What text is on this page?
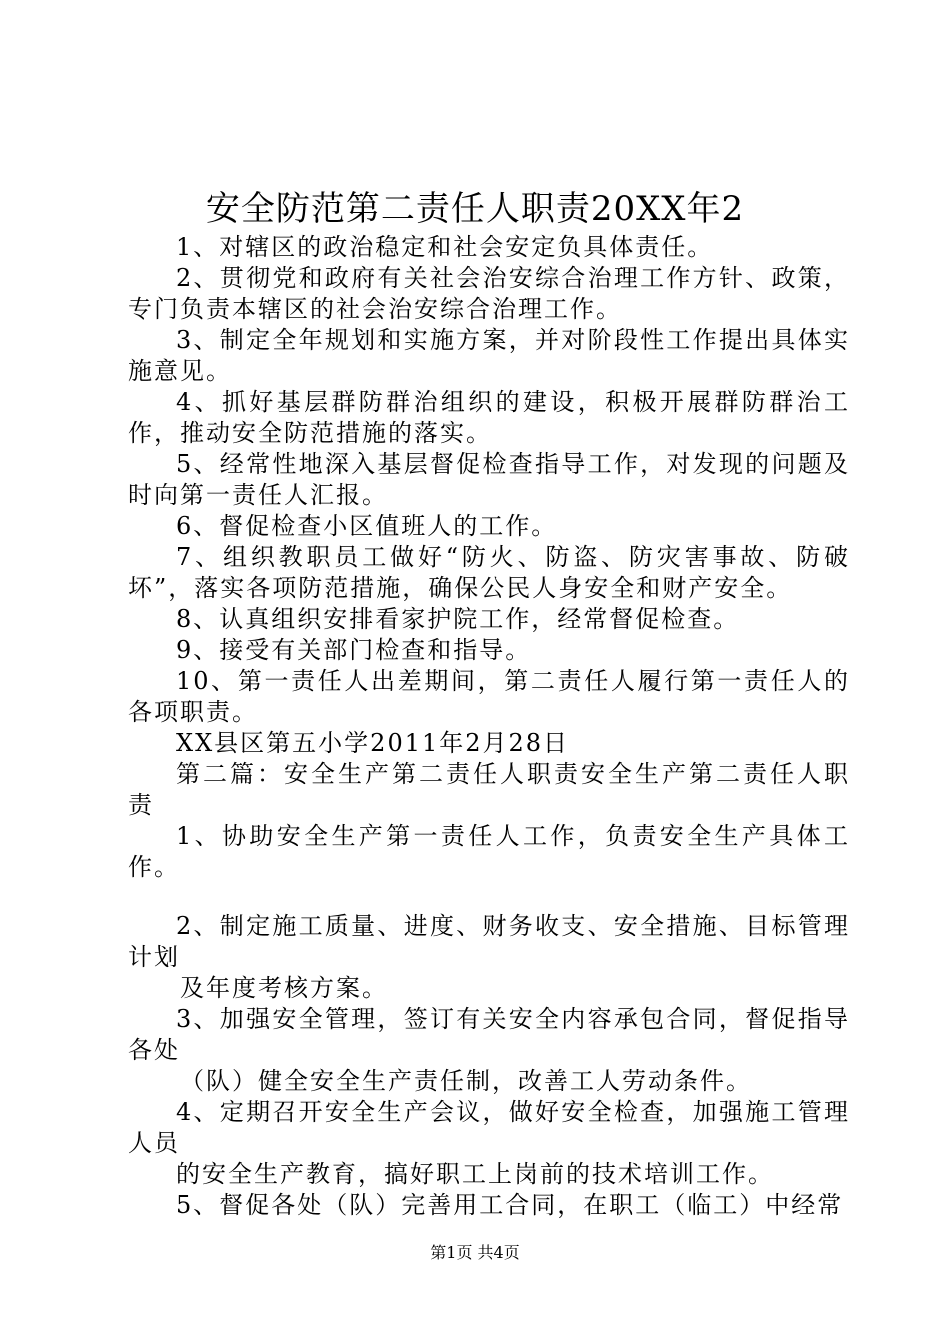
安全防范第二责任人职责20XX年2

1、对辖区的政治稳定和社会安定负具体责任。

2、贯彻党和政府有关社会治安综合治理工作方针、政策，专门负责本辖区的社会治安综合治理工作。

3、制定全年规划和实施方案，并对阶段性工作提出具体实施意见。

4、抓好基层群防群治组织的建设，积极开展群防群治工作，推动安全防范措施的落实。

5、经常性地深入基层督促检查指导工作，对发现的问题及时向第一责任人汇报。

6、督促检查小区值班人的工作。

7、组织教职员工做好“防火、防盗、防灾害事故、防破坏”，落实各项防范措施，确保公民人身安全和财产安全。

8、认真组织安排看家护院工作，经常督促检查。

9、接受有关部门检查和指导。

10、第一责任人出差期间，第二责任人履行第一责任人的各项职责。

XX县区第五小学2011年2月28日

第二篇：安全生产第二责任人职责安全生产第二责任人职责

1、协助安全生产第一责任人工作，负责安全生产具体工作。

2、制定施工质量、进度、财务收支、安全措施、目标管理计划

及年度考核方案。

3、加强安全管理，签订有关安全内容承包合同，督促指导各处

（队）健全安全生产责任制，改善工人劳动条件。

4、定期召开安全生产会议，做好安全检查，加强施工管理人员

的安全生产教育，搞好职工上岗前的技术培训工作。

5、督促各处（队）完善用工合同，在职工（临工）中经常

第1页 共4页
